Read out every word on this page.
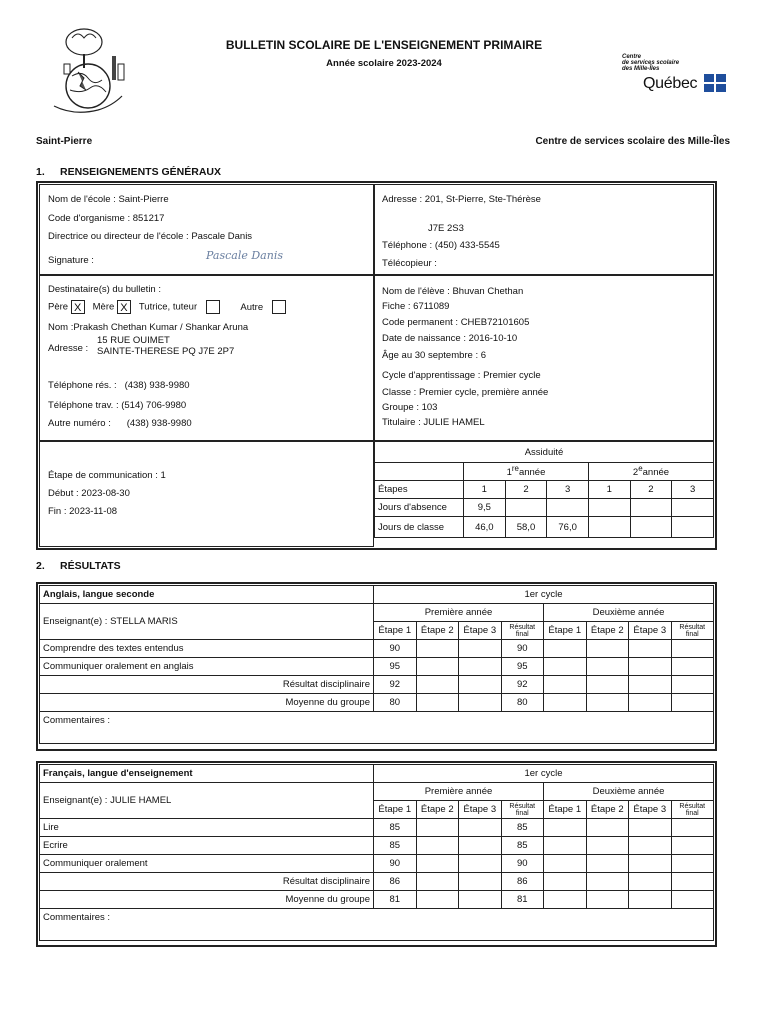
BULLETIN SCOLAIRE DE L'ENSEIGNEMENT PRIMAIRE
Année scolaire 2023-2024
Centre
de services scolaire
des Mille-Îles
Québec
Saint-Pierre	Centre de services scolaire des Mille-Îles
1. RENSEIGNEMENTS GÉNÉRAUX
Nom de l'école : Saint-Pierre
Code d'organisme : 851217
Directrice ou directeur de l'école : Pascale Danis
Signature :	Pascale Danis
Adresse : 201, St-Pierre, Ste-Thérèse
J7E 2S3
Téléphone : (450) 433-5545
Télécopieur :
Destinataire(s) du bulletin :
Père X Mère X Tutrice, tuteur	Autre
Nom :Prakash Chethan Kumar / Shankar Aruna
Adresse :
15 RUE OUIMET
SAINTE-THERESE PQ J7E 2P7
Téléphone rés. : (438) 938-9980
Téléphone trav. : (514) 706-9980
Autre numéro : (438) 938-9980
Nom de l'élève : Bhuvan Chethan
Fiche : 6711089
Code permanent : CHEB72101605
Date de naissance : 2016-10-10
Âge au 30 septembre : 6
Cycle d'apprentissage : Premier cycle
Classe : Premier cycle, première année
Groupe : 103
Titulaire : JULIE HAMEL
Étape de communication : 1
Début : 2023-08-30
Fin : 2023-11-08
Assiduité						
	1reannée			2eannée		
Étapes	1	2	3	1	2	3
Jours d'absence	9,5					
Jours de classe	46,0	58,0	76,0			
2. RÉSULTATS
Anglais, langue seconde	1er cycle							
Enseignant(e) : STELLA MARIS	Première année				Deuxième année			
	Étape 1	Étape 2	Étape 3	Résultat
final	Étape 1	Étape 2	Étape 3	Résultat
final
Comprendre des textes entendus	90			90				
Communiquer oralement en anglais	95			95				
Résultat disciplinaire	92			92				
Moyenne du groupe	80			80				
Commentaires :								
Français, langue d'enseignement	1er cycle							
Enseignant(e) : JULIE HAMEL	Première année				Deuxième année			
	Étape 1	Étape 2	Étape 3	Résultat
final	Étape 1	Étape 2	Étape 3	Résultat
final
Lire	85			85				
Ecrire	85			85				
Communiquer oralement	90			90				
Résultat disciplinaire	86			86				
Moyenne du groupe	81			81				
Commentaires :								
